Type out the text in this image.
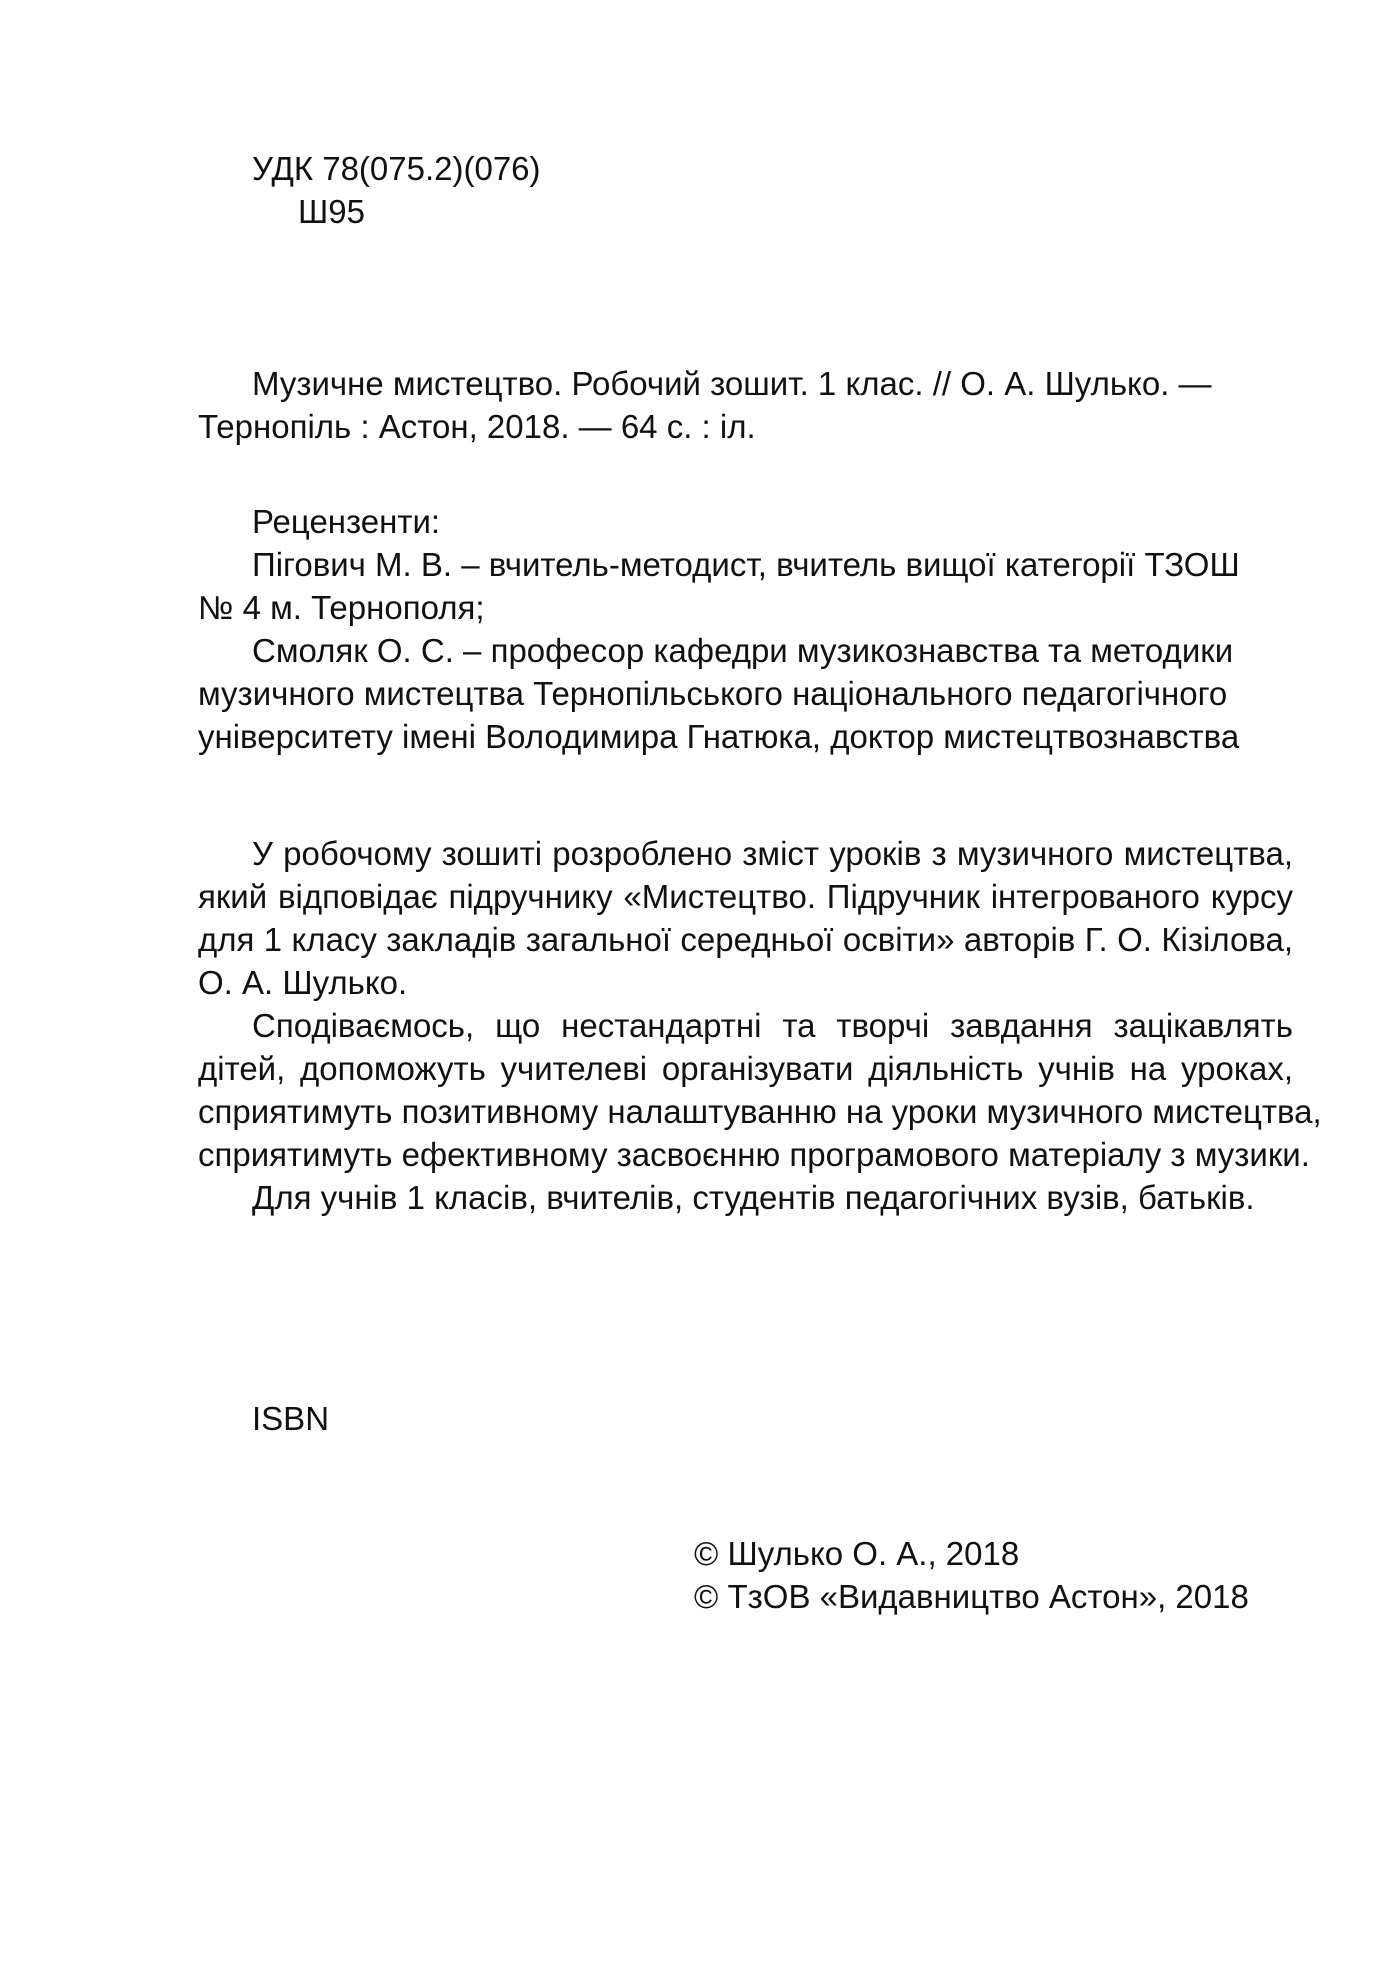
УДК 78(075.2)(076)
Ш95
Музичне мистецтво. Робочий зошит. 1 клас. // О. А. Шулько. —
Тернопіль : Астон, 2018. — 64 с. : іл.
Рецензенти:
Пігович М. В. – вчитель-методист, вчитель вищої категорії ТЗОШ
№ 4 м. Тернополя;
Смоляк О. С. – професор кафедри музикознавства та методики
музичного мистецтва Тернопільського національного педагогічного
університету імені Володимира Гнатюка, доктор мистецтвознавства
У робочому зошиті розроблено зміст уроків з музичного мистецтва,
який відповідає підручнику «Мистецтво. Підручник інтегрованого курсу
для 1 класу закладів загальної середньої освіти» авторів Г. О. Кізілова,
О. А. Шулько.
Сподіваємось, що нестандартні та творчі завдання зацікавлять
дітей, допоможуть учителеві організувати діяльність учнів на уроках,
сприятимуть позитивному налаштуванню на уроки музичного мистецтва,
сприятимуть ефективному засвоєнню програмового матеріалу з музики.
Для учнів 1 класів, вчителів, студентів педагогічних вузів, батьків.
ISBN
© Шулько О. А., 2018
© ТзОВ «Видавництво Астон», 2018
